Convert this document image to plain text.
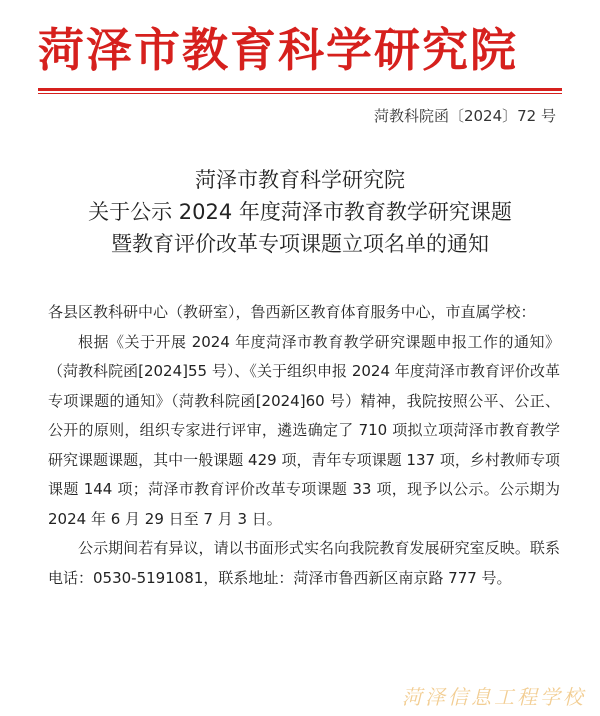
菏泽市教育科学研究院
菏教科院函〔2024〕72 号
菏泽市教育科学研究院
关于公示 2024 年度菏泽市教育教学研究课题
暨教育评价改革专项课题立项名单的通知

各县区教科研中心（教研室），鲁西新区教育体育服务中心，市直属学校：

根据《关于开展 2024 年度菏泽市教育教学研究课题申报工作的通知》（菏教科院函[2024]55 号）、《关于组织申报 2024 年度菏泽市教育评价改革专项课题的通知》（菏教科院函[2024]60 号）精神，我院按照公平、公正、公开的原则，组织专家进行评审，遴选确定了 710 项拟立项菏泽市教育教学研究课题课题，其中一般课题 429 项，青年专项课题 137 项，乡村教师专项课题 144 项；菏泽市教育评价改革专项课题 33 项，现予以公示。公示期为 2024 年 6 月 29 日至 7 月 3 日。

公示期间若有异议，请以书面形式实名向我院教育发展研究室反映。联系电话：0530-5191081，联系地址：菏泽市鲁西新区南京路 777 号。

菏泽信息工程学校
